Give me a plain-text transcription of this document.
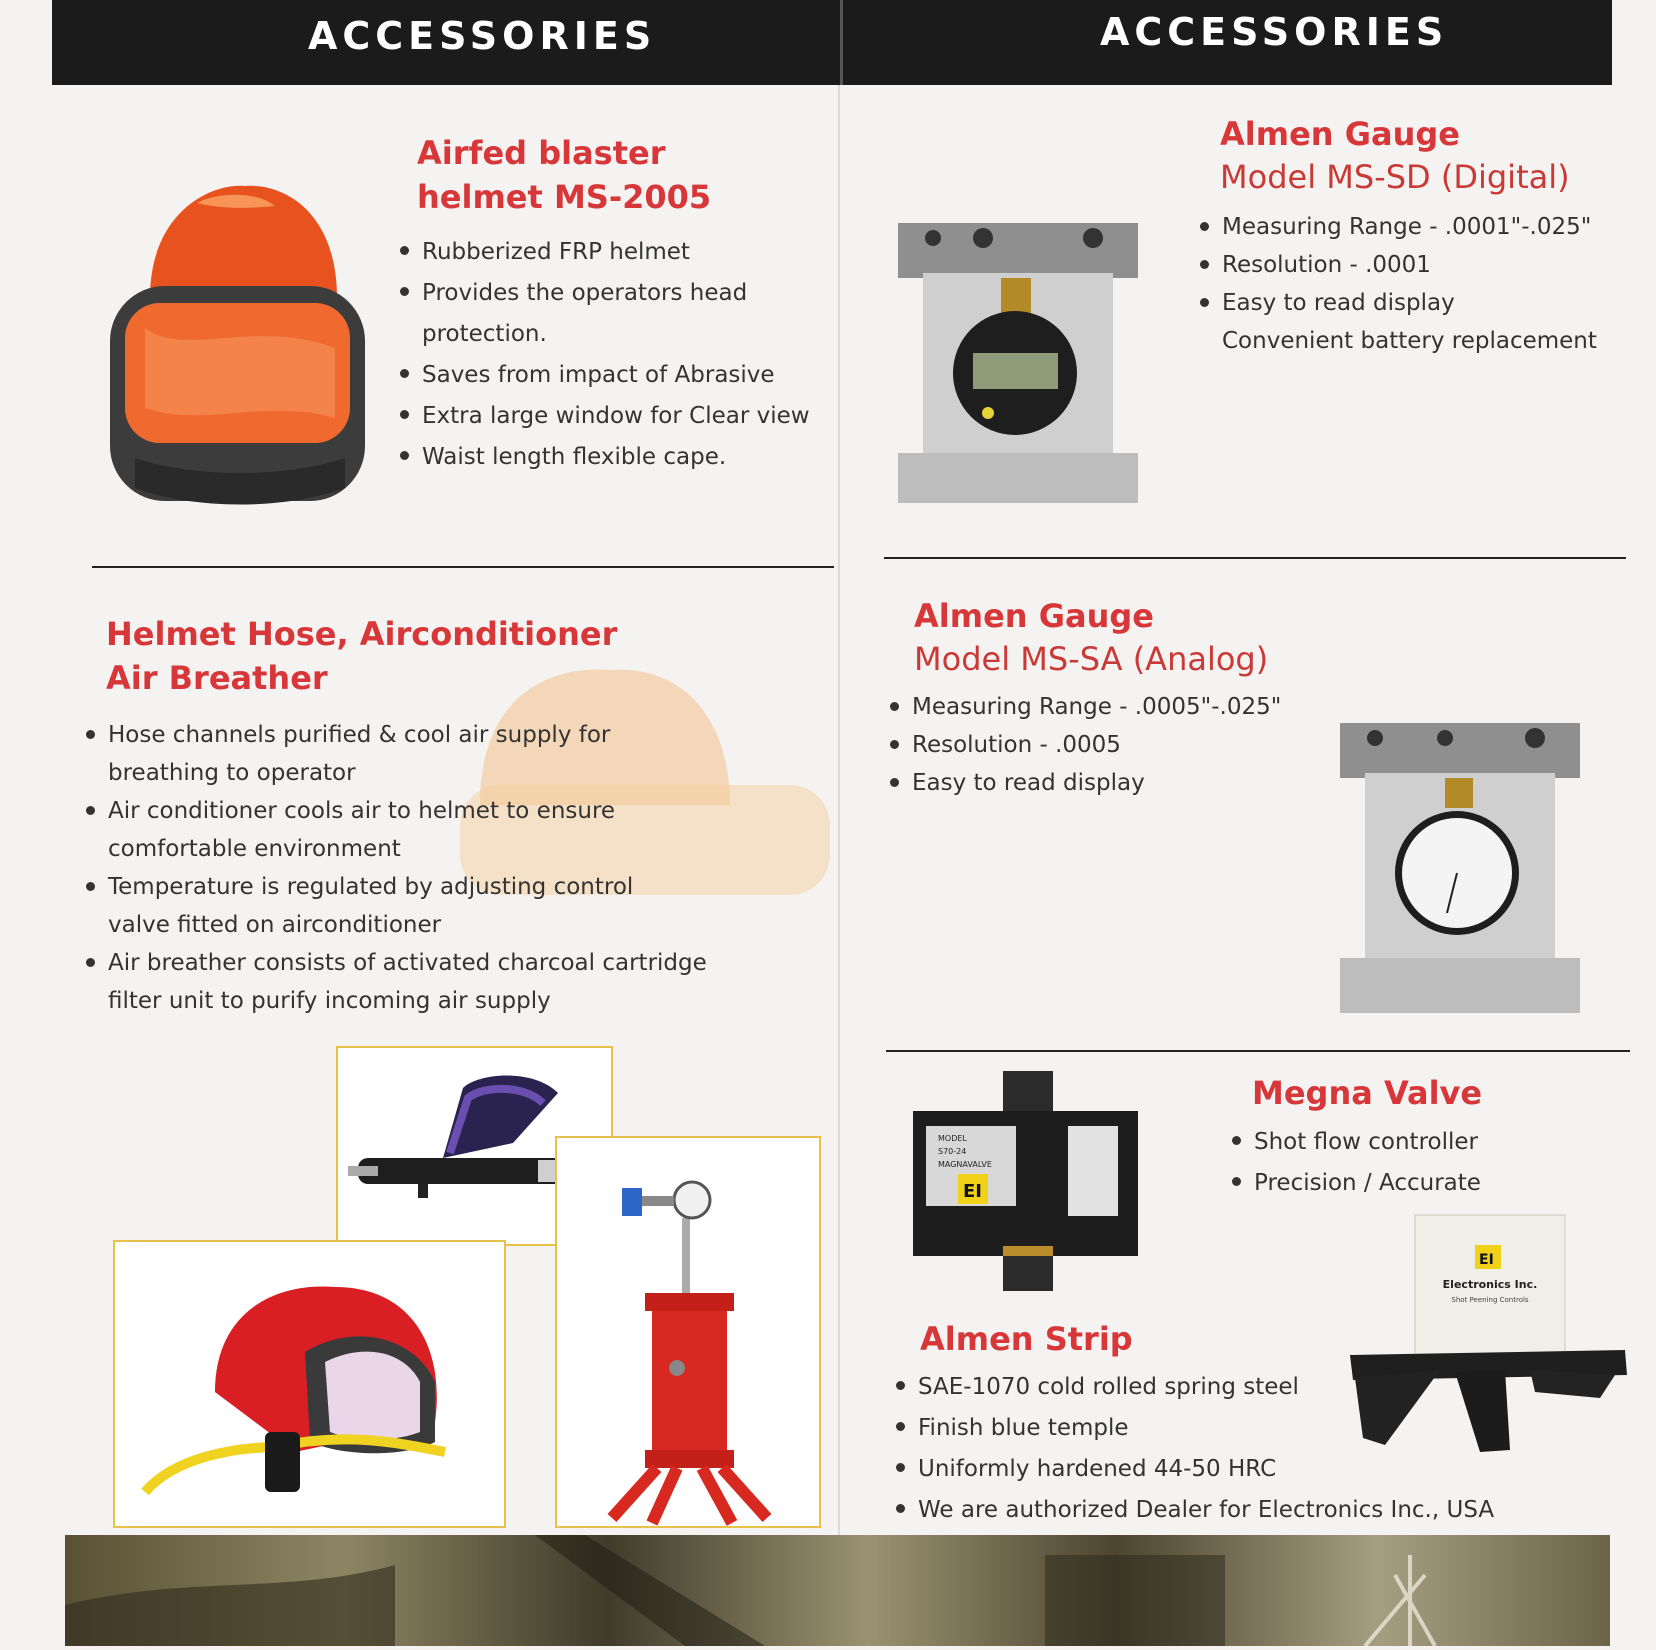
ACCESSORIES	ACCESSORIES
Airfed blaster
helmet MS-2005
Rubberized FRP helmet
Provides the operators head protection.
Saves from impact of Abrasive
Extra large window for Clear view
Waist length flexible cape.
Helmet Hose, Airconditioner
Air Breather
Hose channels purified & cool air supply for breathing to operator
Air conditioner cools air to helmet to ensure comfortable environment
Temperature is regulated by adjusting control valve fitted on airconditioner
Air breather consists of activated charcoal cartridge filter unit to purify incoming air supply
Almen Gauge
Model MS-SD (Digital)
Measuring Range - .0001"-.025"
Resolution - .0001
Easy to read display
Convenient battery replacement
Almen Gauge
Model MS-SA (Analog)
Measuring Range - .0005"-.025"
Resolution - .0005
Easy to read display
MODEL
S70-24
MAGNAVALVE
EI
Megna Valve
Shot flow controller
Precision / Accurate
EI
Electronics Inc.
Shot Peening Controls
Almen Strip
SAE-1070 cold rolled spring steel
Finish blue temple
Uniformly hardened 44-50 HRC
We are authorized Dealer for Electronics Inc., USA
